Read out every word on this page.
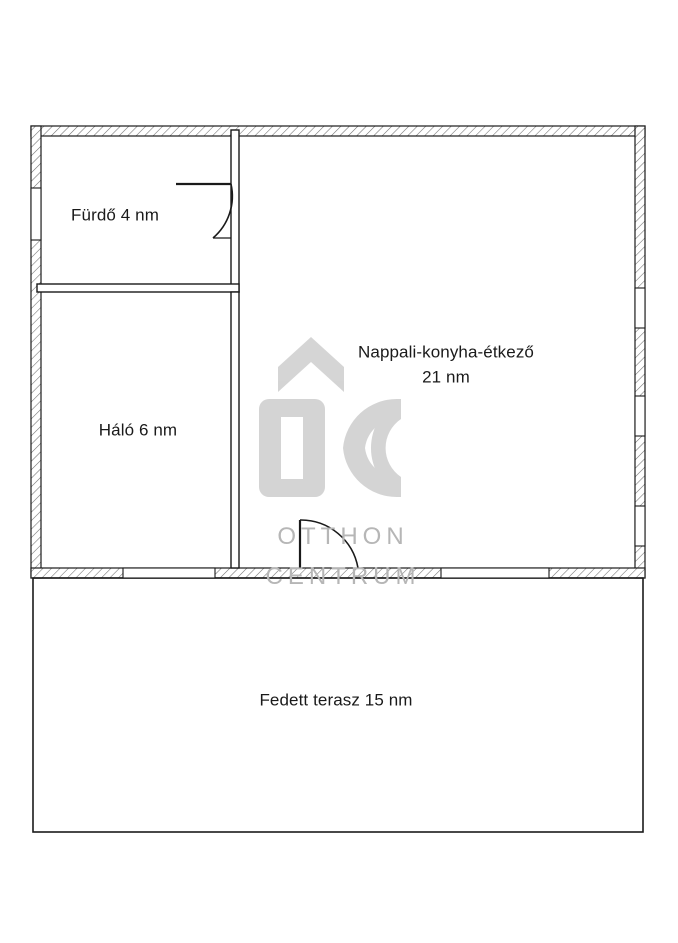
OTTHON
CENTRUM
Fürdő 4 nm
Háló 6 nm
Nappali-konyha-étkező
21 nm
Fedett terasz 15 nm
